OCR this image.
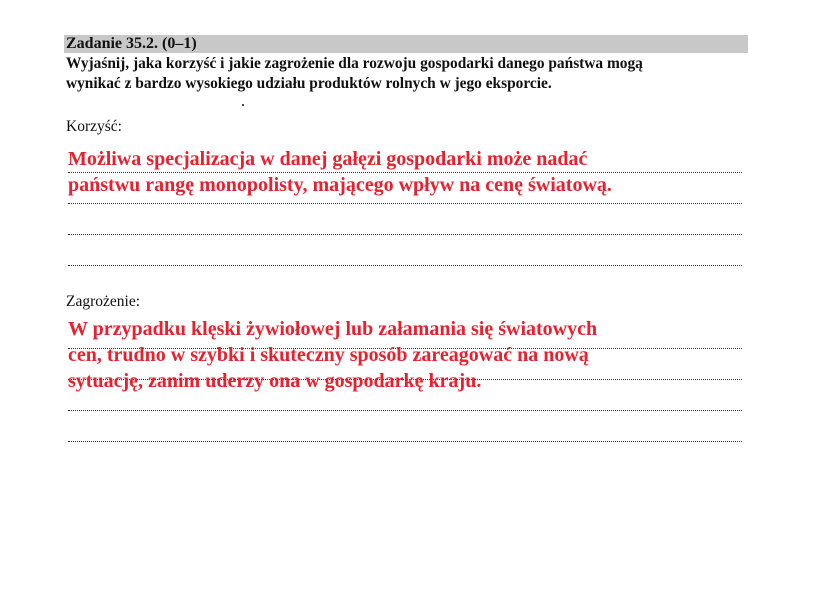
Zadanie 35.2. (0–1)
Wyjaśnij, jaka korzyść i jakie zagrożenie dla rozwoju gospodarki danego państwa mogą
wynikać z bardzo wysokiego udziału produktów rolnych w jego eksporcie.
Korzyść:
Możliwa specjalizacja w danej gałęzi gospodarki może nadać
państwu rangę monopolisty, mającego wpływ na cenę światową.
Zagrożenie:
W przypadku klęski żywiołowej lub załamania się światowych
cen, trudno w szybki i skuteczny sposób zareagować na nową
sytuację, zanim uderzy ona w gospodarkę kraju.
